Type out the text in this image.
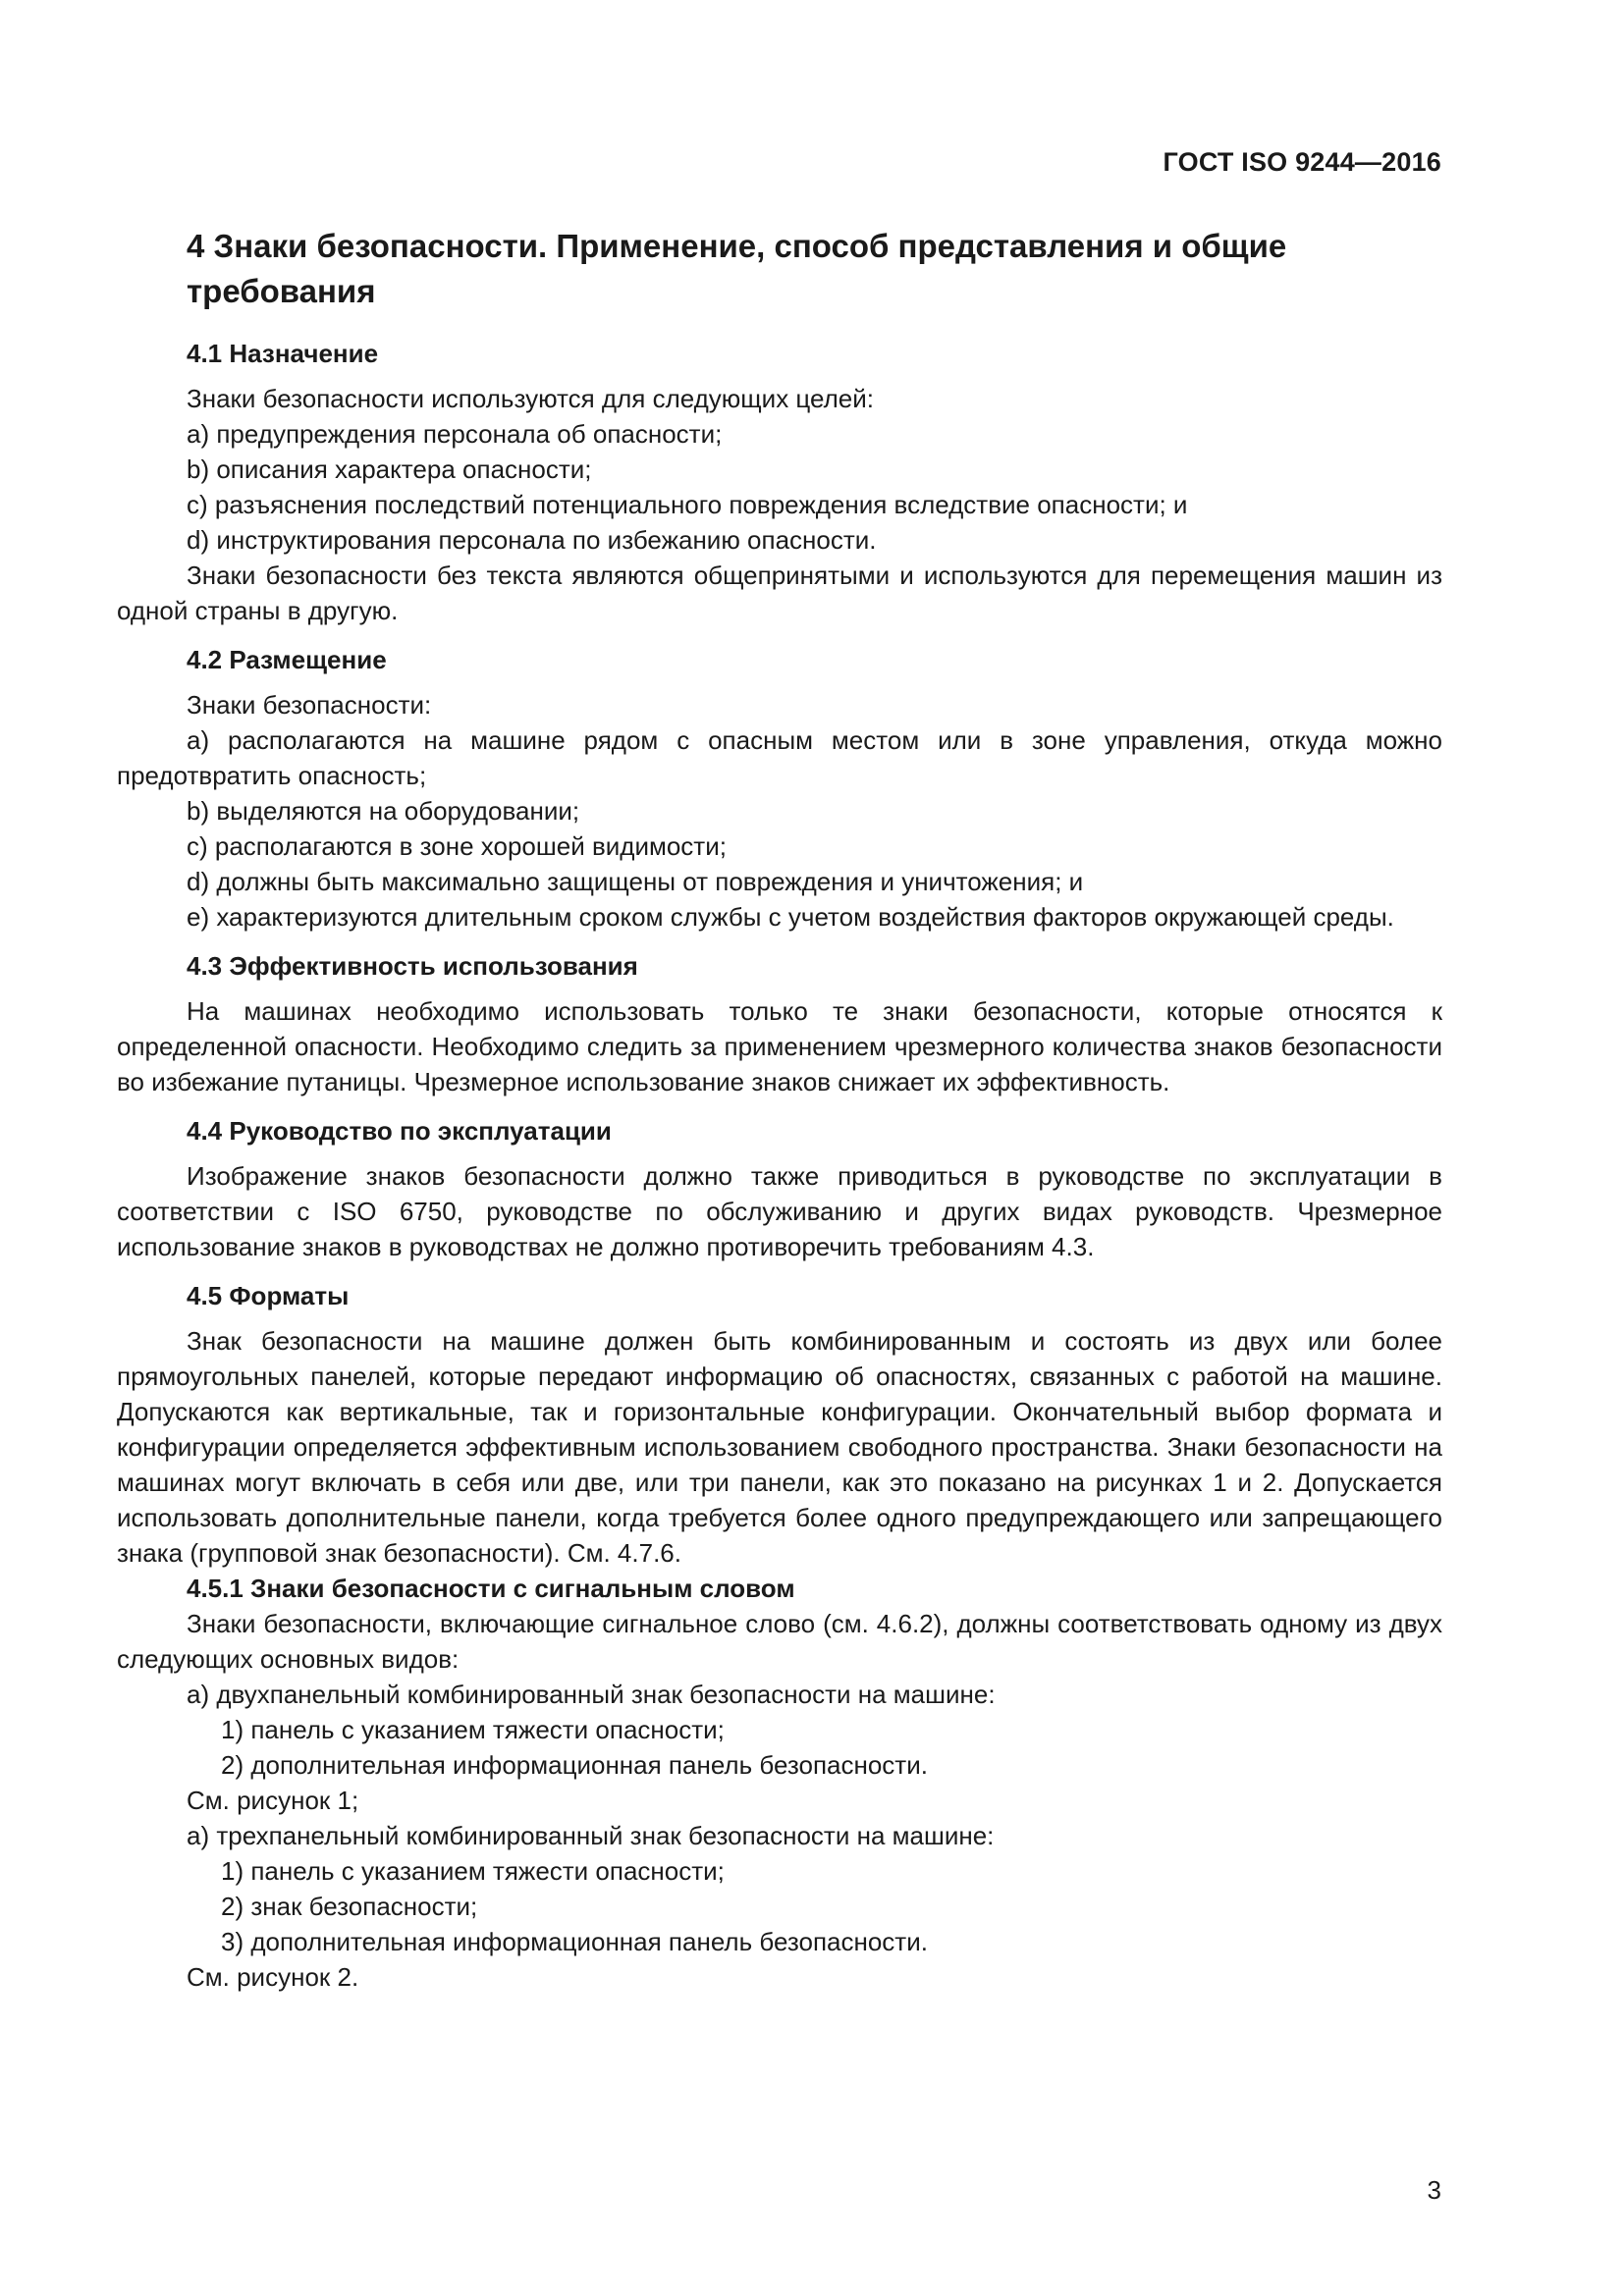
ГОСТ ISO 9244—2016
4 Знаки безопасности. Применение, способ представления и общие требования
4.1 Назначение

Знаки безопасности используются для следующих целей:

a) предупреждения персонала об опасности;

b) описания характера опасности;

c) разъяснения последствий потенциального повреждения вследствие опасности; и

d) инструктирования персонала по избежанию опасности.

Знаки безопасности без текста являются общепринятыми и используются для перемещения машин из одной страны в другую.

4.2 Размещение

Знаки безопасности:

a) располагаются на машине рядом с опасным местом или в зоне управления, откуда можно предотвратить опасность;

b) выделяются на оборудовании;

c) располагаются в зоне хорошей видимости;

d) должны быть максимально защищены от повреждения и уничтожения; и

e) характеризуются длительным сроком службы с учетом воздействия факторов окружающей среды.

4.3 Эффективность использования

На машинах необходимо использовать только те знаки безопасности, которые относятся к определенной опасности. Необходимо следить за применением чрезмерного количества знаков безопасности во избежание путаницы. Чрезмерное использование знаков снижает их эффективность.

4.4 Руководство по эксплуатации

Изображение знаков безопасности должно также приводиться в руководстве по эксплуатации в соответствии с ISO 6750, руководстве по обслуживанию и других видах руководств. Чрезмерное использование знаков в руководствах не должно противоречить требованиям 4.3.

4.5 Форматы

Знак безопасности на машине должен быть комбинированным и состоять из двух или более прямоугольных панелей, которые передают информацию об опасностях, связанных с работой на машине. Допускаются как вертикальные, так и горизонтальные конфигурации. Окончательный выбор формата и конфигурации определяется эффективным использованием свободного пространства. Знаки безопасности на машинах могут включать в себя или две, или три панели, как это показано на рисунках 1 и 2. Допускается использовать дополнительные панели, когда требуется более одного предупреждающего или запрещающего знака (групповой знак безопасности). См. 4.7.6.

4.5.1 Знаки безопасности с сигнальным словом

Знаки безопасности, включающие сигнальное слово (см. 4.6.2), должны соответствовать одному из двух следующих основных видов:

a) двухпанельный комбинированный знак безопасности на машине:

1) панель с указанием тяжести опасности;

2) дополнительная информационная панель безопасности.

См. рисунок 1;

a) трехпанельный комбинированный знак безопасности на машине:

1) панель с указанием тяжести опасности;

2) знак безопасности;

3) дополнительная информационная панель безопасности.

См. рисунок 2.

3
